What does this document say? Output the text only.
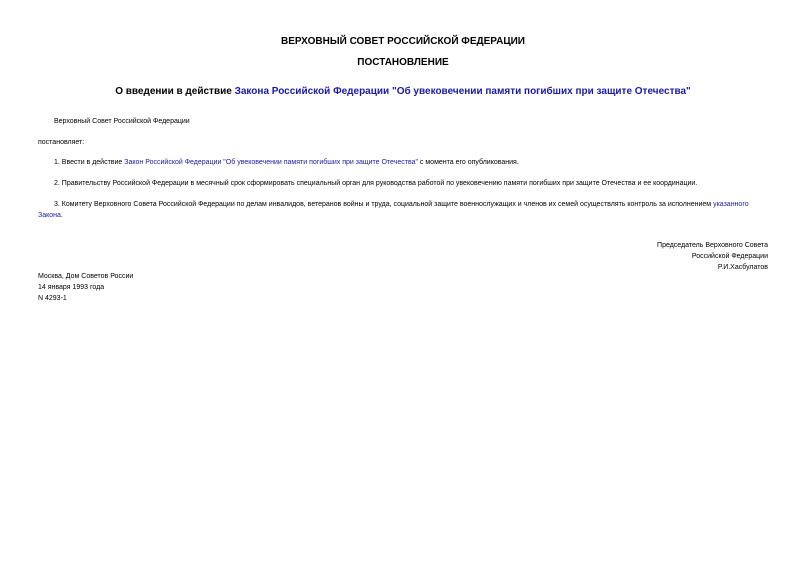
ВЕРХОВНЫЙ СОВЕТ РОССИЙСКОЙ ФЕДЕРАЦИИ
ПОСТАНОВЛЕНИЕ
О введении в действие Закона Российской Федерации "Об увековечении памяти погибших при защите Отечества"
Верховный Совет Российской Федерации
постановляет:
1. Ввести в действие Закон Российской Федерации "Об увековечении памяти погибших при защите Отечества" с момента его опубликования.
2. Правительству Российской Федерации в месячный срок сформировать специальный орган для руководства работой по увековечению памяти погибших при защите Отечества и ее координации.
3. Комитету Верховного Совета Российской Федерации по делам инвалидов, ветеранов войны и труда, социальной защите военнослужащих и членов их семей осуществлять контроль за исполнением указанного Закона.
Председатель Верховного Совета
Российской Федерации
Р.И.Хасбулатов
Москва, Дом Советов России
14 января 1993 года
N 4293-1
